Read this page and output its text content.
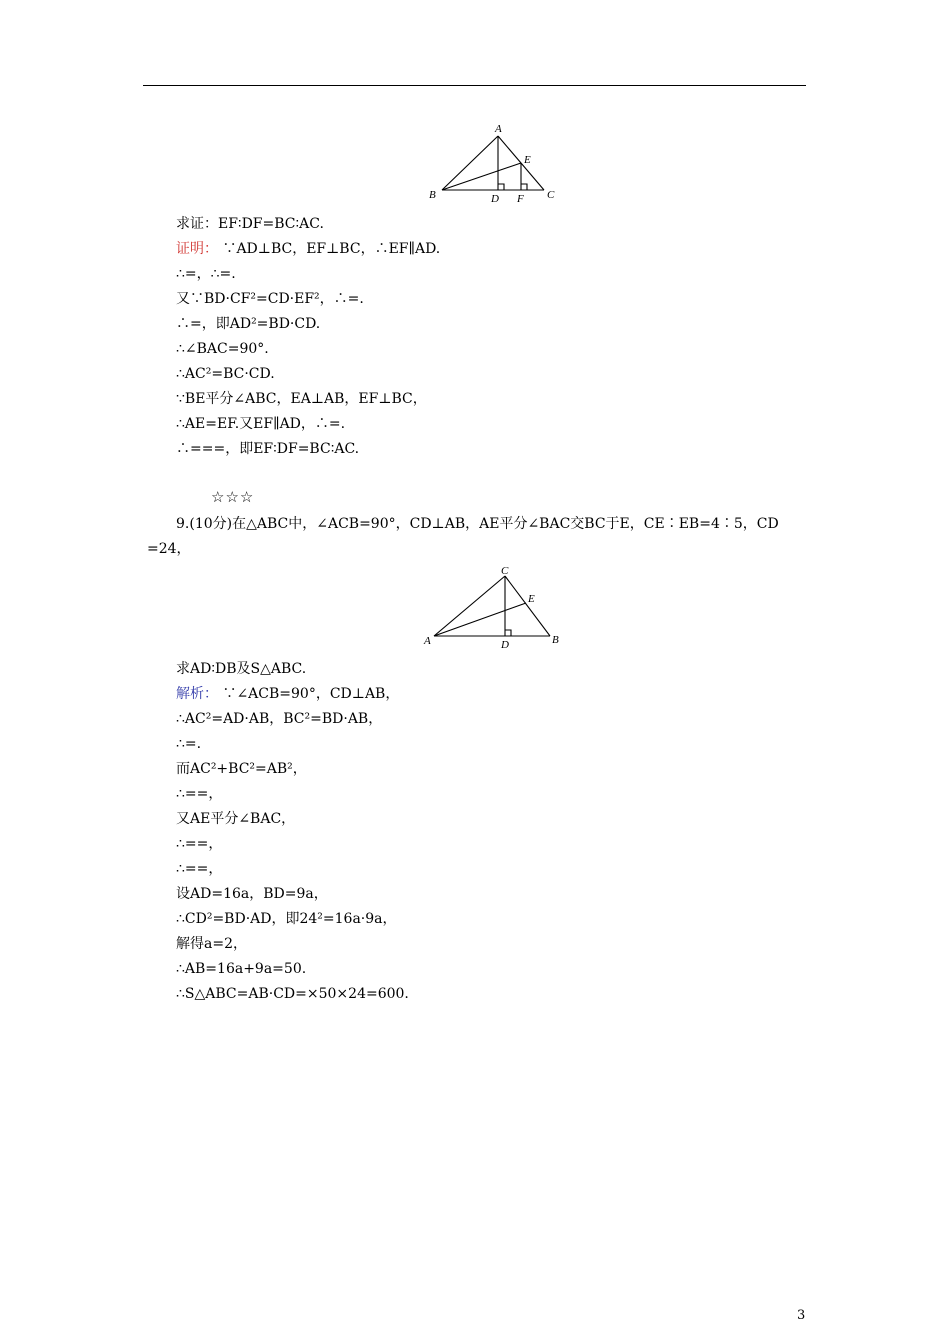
A
B	C
D
E
F
求证：EF∶DF=BC∶AC.
证明： ∵AD⊥BC，EF⊥BC，∴EF∥AD.
∴=，∴=.
又∵BD·CF²=CD·EF²，∴=.
∴=，即AD²=BD·CD.
∴∠BAC=90°.
∴AC²=BC·CD.
∵BE平分∠ABC，EA⊥AB，EF⊥BC，
∴AE=EF.又EF∥AD，∴=.
∴===，即EF∶DF=BC∶AC.
☆☆☆
9.(10分)在△ABC中，∠ACB=90°，CD⊥AB，AE平分∠BAC交BC于E，CE∶EB=4∶5，CD
=24，
C
E
A	D	B
求AD∶DB及S△ABC.
解析： ∵∠ACB=90°，CD⊥AB，
∴AC²=AD·AB，BC²=BD·AB，
∴=.
而AC²+BC²=AB²，
∴==，
又AE平分∠BAC，
∴==，
∴==，
设AD=16a，BD=9a，
∴CD²=BD·AD，即24²=16a·9a，
解得a=2，
∴AB=16a+9a=50.
∴S△ABC=AB·CD=×50×24=600.
3
